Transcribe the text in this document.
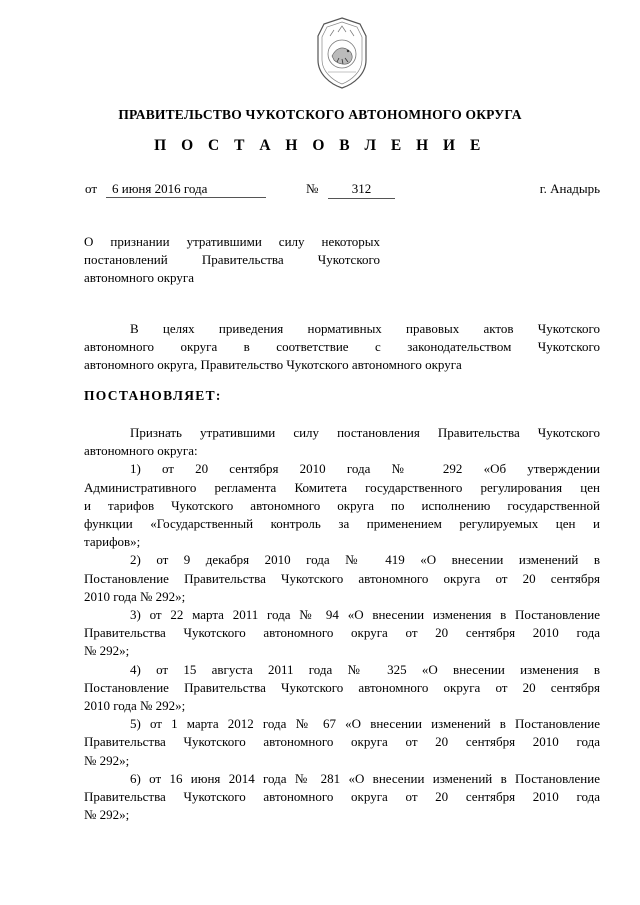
ПРАВИТЕЛЬСТВО ЧУКОТСКОГО АВТОНОМНОГО ОКРУГА
П О С Т А Н О В Л Е Н И Е
от	6 июня 2016 года	№	312	г. Анадырь
О признании утратившими силу некоторых
постановлений Правительства Чукотского
автономного округа
В целях приведения нормативных правовых актов Чукотского
автономного округа в соответствие с законодательством Чукотского
автономного округа, Правительство Чукотского автономного округа
ПОСТАНОВЛЯЕТ:
Признать утратившими силу постановления Правительства Чукотского
автономного округа:
1) от 20 сентября 2010 года № 292 «Об утверждении
Административного регламента Комитета государственного регулирования цен
и тарифов Чукотского автономного округа по исполнению государственной
функции «Государственный контроль за применением регулируемых цен и
тарифов»;
2) от 9 декабря 2010 года № 419 «О внесении изменений в
Постановление Правительства Чукотского автономного округа от 20 сентября
2010 года № 292»;
3) от 22 марта 2011 года № 94 «О внесении изменения в Постановление
Правительства Чукотского автономного округа от 20 сентября 2010 года
№ 292»;
4) от 15 августа 2011 года № 325 «О внесении изменения в
Постановление Правительства Чукотского автономного округа от 20 сентября
2010 года № 292»;
5) от 1 марта 2012 года № 67 «О внесении изменений в Постановление
Правительства Чукотского автономного округа от 20 сентября 2010 года
№ 292»;
6) от 16 июня 2014 года № 281 «О внесении изменений в Постановление
Правительства Чукотского автономного округа от 20 сентября 2010 года
№ 292»;
